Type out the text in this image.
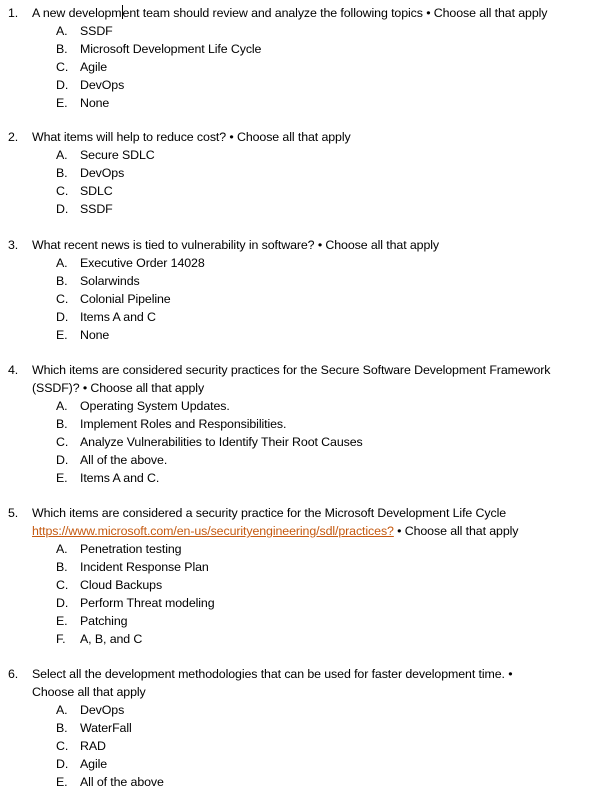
1. A new development team should review and analyze the following topics • Choose all that apply
A. SSDF
B. Microsoft Development Life Cycle
C. Agile
D. DevOps
E. None
2. What items will help to reduce cost? • Choose all that apply
A. Secure SDLC
B. DevOps
C. SDLC
D. SSDF
3. What recent news is tied to vulnerability in software? • Choose all that apply
A. Executive Order 14028
B. Solarwinds
C. Colonial Pipeline
D. Items A and C
E. None
4. Which items are considered security practices for the Secure Software Development Framework
(SSDF)? • Choose all that apply
A. Operating System Updates.
B. Implement Roles and Responsibilities.
C. Analyze Vulnerabilities to Identify Their Root Causes
D. All of the above.
E. Items A and C.
5. Which items are considered a security practice for the Microsoft Development Life Cycle
https://www.microsoft.com/en-us/securityengineering/sdl/practices? • Choose all that apply
A. Penetration testing
B. Incident Response Plan
C. Cloud Backups
D. Perform Threat modeling
E. Patching
F. A, B, and C
6. Select all the development methodologies that can be used for faster development time. •
Choose all that apply
A. DevOps
B. WaterFall
C. RAD
D. Agile
E. All of the above
